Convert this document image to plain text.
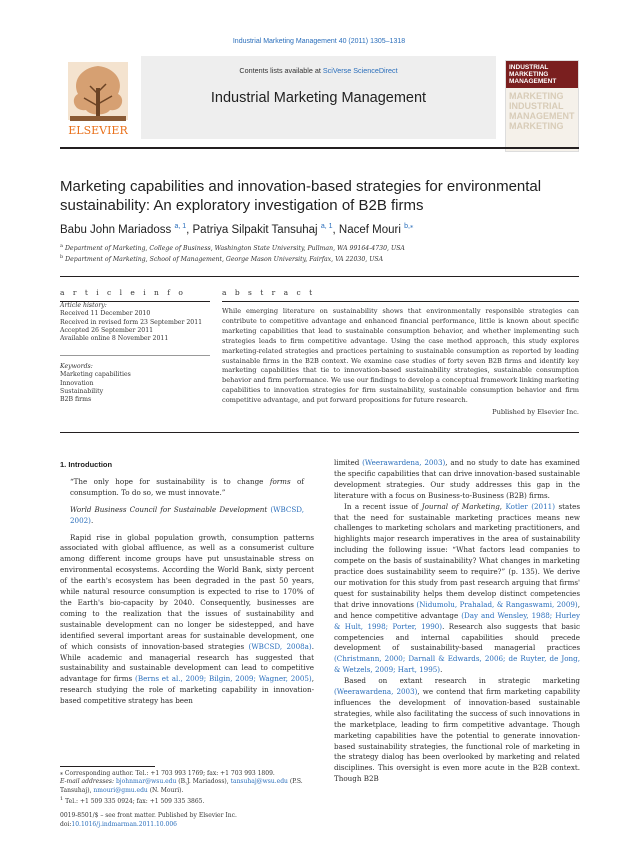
Industrial Marketing Management 40 (2011) 1305–1318
ELSEVIER
Contents lists available at SciVerse ScienceDirect
Industrial Marketing Management
INDUSTRIAL MARKETING MANAGEMENT
MARKETING
INDUSTRIAL
MANAGEMENT
MARKETING
Marketing capabilities and innovation-based strategies for environmental
sustainability: An exploratory investigation of B2B firms
Babu John Mariadoss $^{a, 1}$, Patriya Silpakit Tansuhaj $^{a, 1}$, Nacef Mouri $^{b,⁎}$
$^a$ Department of Marketing, College of Business, Washington State University, Pullman, WA 99164-4730, USA
$^b$ Department of Marketing, School of Management, George Mason University, Fairfax, VA 22030, USA
a r t i c l e i n f o	a b s t r a c t
Article history:
Received 11 December 2010
Received in revised form 23 September 2011
Accepted 26 September 2011
Available online 8 November 2011
Keywords:
Marketing capabilities
Innovation
Sustainability
B2B firms
While emerging literature on sustainability shows that environmentally responsible strategies can contribute to competitive advantage and enhanced financial performance, little is known about specific marketing capabilities that lead to sustainable consumption behavior, and whether implementing such strategies leads to firm competitive advantage. Using the case method approach, this study explores marketing-related strategies and practices pertaining to sustainable consumption as reported by leading sustainable firms in the B2B context. We examine case studies of forty seven B2B firms and identify key marketing capabilities that tie to innovation-based sustainability strategies, sustainable consumption behavior and firm performance. We use our findings to develop a conceptual framework linking marketing capabilities to innovation strategies for firm sustainability, sustainable consumption behavior and firm competitive advantage, and put forward propositions for future research.
Published by Elsevier Inc.
1. Introduction
“The only hope for sustainability is to change forms of consumption. To do so, we must innovate.”
World Business Council for Sustainable Development (WBCSD, 2002).

Rapid rise in global population growth, consumption patterns associated with global affluence, as well as a consumerist culture among different income groups have put unsustainable stress on environmental ecosystems. According the World Bank, sixty percent of the earth's ecosystem has been degraded in the past 50 years, while natural resource consumption is expected to rise to 170% of the Earth's bio-capacity by 2040. Consequently, businesses are coming to the realization that the issues of sustainability and sustainable development can no longer be sidestepped, and have identified several important areas for sustainable development, one of which consists of innovation-based strategies (WBCSD, 2008a). While academic and managerial research has suggested that sustainability and sustainable development can lead to competitive advantage for firms (Berns et al., 2009; Bilgin, 2009; Wagner, 2005), research studying the role of marketing capability in innovation-based competitive strategy has been

limited (Weerawardena, 2003), and no study to date has examined the specific capabilities that can drive innovation-based sustainable development strategies. Our study addresses this gap in the literature with a focus on Business-to-Business (B2B) firms.

In a recent issue of Journal of Marketing, Kotler (2011) states that the need for sustainable marketing practices means new challenges to marketing scholars and marketing practitioners, and highlights major research imperatives in the area of sustainability including the following issue: “What factors lead companies to compete on the basis of sustainability? What changes in marketing practice does sustainability seem to require?” (p. 135). We derive our motivation for this study from past research arguing that firms' quest for sustainability helps them develop distinct competencies that drive innovations (Nidumolu, Prahalad, & Rangaswami, 2009), and hence competitive advantage (Day and Wensley, 1988; Hurley & Hult, 1998; Porter, 1990). Research also suggests that basic competencies and internal capabilities should precede development of sustainability-based managerial practices (Christmann, 2000; Darnall & Edwards, 2006; de Ruyter, de Jong, & Wetzels, 2009; Hart, 1995).

Based on extant research in strategic marketing (Weerawardena, 2003), we contend that firm marketing capability influences the development of innovation-based sustainable strategies, while also facilitating the success of such innovations in the marketplace, leading to firm competitive advantage. Though marketing capabilities have the potential to generate innovation-based sustainability strategies, the functional role of marketing in the strategy dialog has been overlooked by marketing and related disciplines. This oversight is even more acute in the B2B context. Though B2B

⁎ Corresponding author. Tel.: +1 703 993 1769; fax: +1 703 993 1809.
E-mail addresses: bjohnmar@wsu.edu (B.J. Mariadoss), tansuhaj@wsu.edu (P.S. Tansuhaj), nmouri@gmu.edu (N. Mouri).
$^1$ Tel.: +1 509 335 0924; fax: +1 509 335 3865.
0019-8501/$ – see front matter. Published by Elsevier Inc.
doi:10.1016/j.indmarman.2011.10.006
